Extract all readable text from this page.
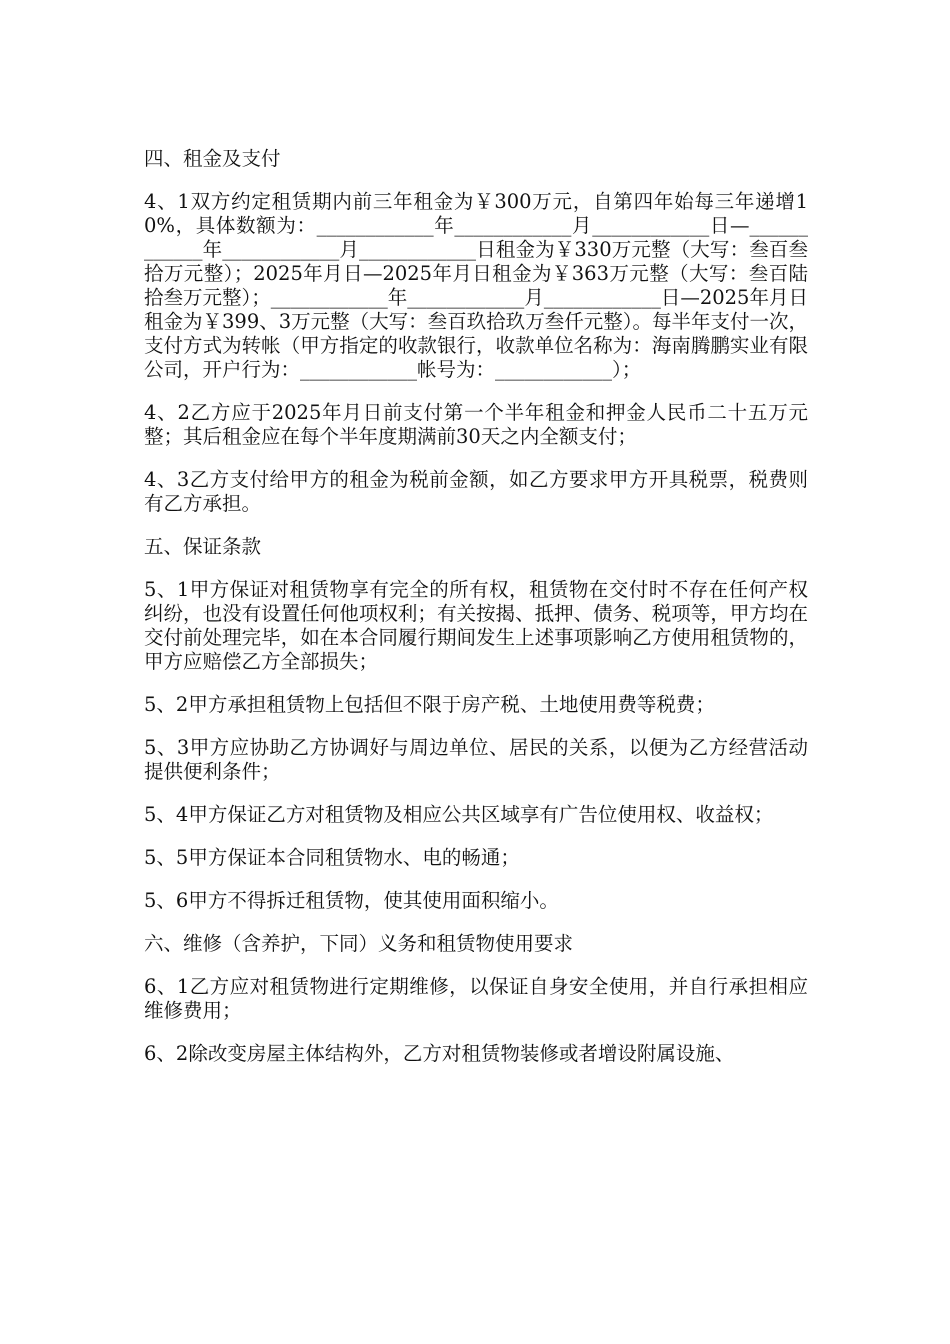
四、租金及支付

4、1双方约定租赁期内前三年租金为￥300万元，自第四年始每三年递增10%，具体数额为：____________年____________月____________日—____________年____________月____________日租金为￥330万元整（大写：叁百叁拾万元整）；2025年月日—2025年月日租金为￥363万元整（大写：叁百陆拾叁万元整）；____________年____________月____________日—2025年月日租金为￥399、3万元整（大写：叁百玖拾玖万叁仟元整）。每半年支付一次，支付方式为转帐（甲方指定的收款银行，收款单位名称为：海南腾鹏实业有限公司，开户行为：____________帐号为：____________）；

4、2乙方应于2025年月日前支付第一个半年租金和押金人民币二十五万元整；其后租金应在每个半年度期满前30天之内全额支付；

4、3乙方支付给甲方的租金为税前金额，如乙方要求甲方开具税票，税费则有乙方承担。

五、保证条款

5、1甲方保证对租赁物享有完全的所有权，租赁物在交付时不存在任何产权纠纷，也没有设置任何他项权利；有关按揭、抵押、债务、税项等，甲方均在交付前处理完毕，如在本合同履行期间发生上述事项影响乙方使用租赁物的，甲方应赔偿乙方全部损失；

5、2甲方承担租赁物上包括但不限于房产税、土地使用费等税费；

5、3甲方应协助乙方协调好与周边单位、居民的关系，以便为乙方经营活动提供便利条件；

5、4甲方保证乙方对租赁物及相应公共区域享有广告位使用权、收益权；

5、5甲方保证本合同租赁物水、电的畅通；

5、6甲方不得拆迁租赁物，使其使用面积缩小。

六、维修（含养护，下同）义务和租赁物使用要求

6、1乙方应对租赁物进行定期维修，以保证自身安全使用，并自行承担相应维修费用；

6、2除改变房屋主体结构外，乙方对租赁物装修或者增设附属设施、
